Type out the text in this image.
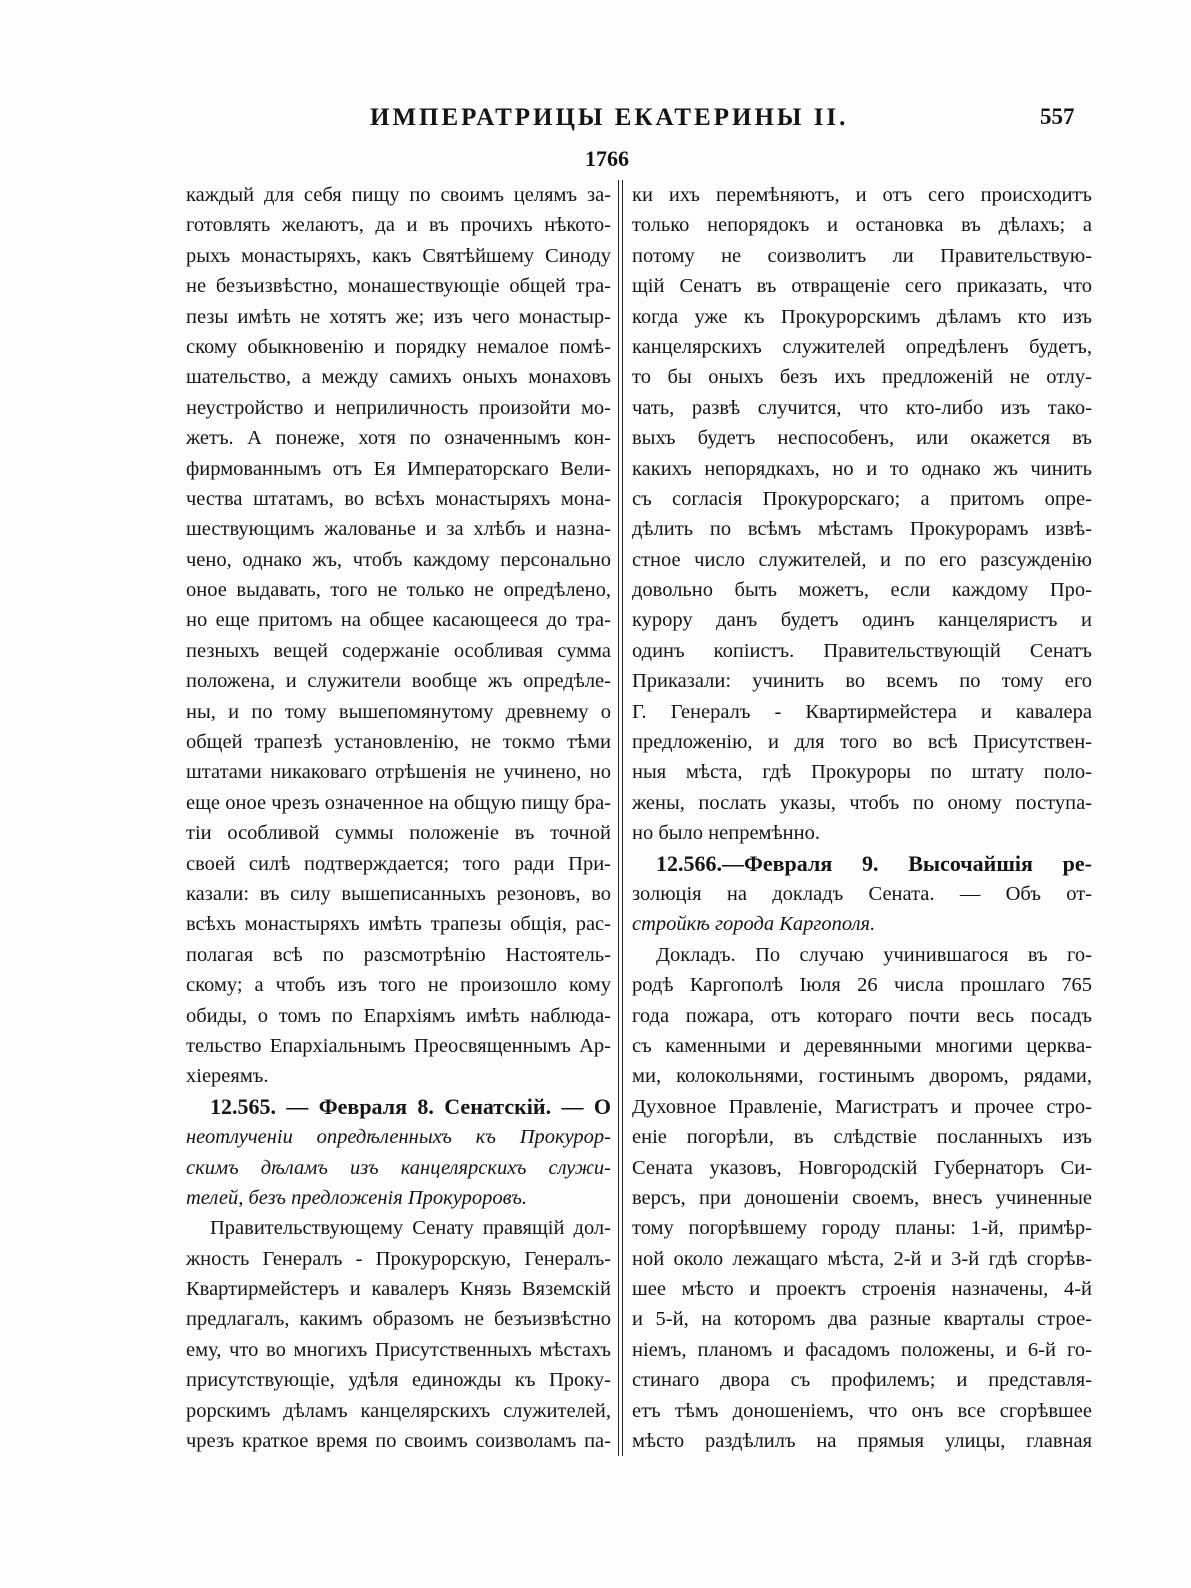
ИМПЕРАТРИЦЫ ЕКАТЕРИНЫ II.	557
1766
каждый для себя пищу по своимъ целямъ за-
готовлять желаютъ, да и въ прочихъ нѣкото-
рыхъ монастыряхъ, какъ Святѣйшему Синоду
не безъизвѣстно, монашествующіе общей тра-
пезы имѣть не хотятъ же; изъ чего монастыр-
скому обыкновенію и порядку немалое помѣ-
шательство, а между самихъ оныхъ монаховъ
неустройство и неприличность произойти мо-
жетъ. А понеже, хотя по означеннымъ кон-
фирмованнымъ отъ Ея Императорскаго Вели-
чества штатамъ, во всѣхъ монастыряхъ мона-
шествующимъ жалованье и за хлѣбъ и назна-
чено, однако жъ, чтобъ каждому персонально
оное выдавать, того не только не опредѣлено,
но еще притомъ на общее касающееся до тра-
пезныхъ вещей содержаніе особливая сумма
положена, и служители вообще жъ опредѣле-
ны, и по тому вышепомянутому древнему о
общей трапезѣ установленію, не токмо тѣми
штатами никаковаго отрѣшенія не учинено, но
еще оное чрезъ означенное на общую пищу бра-
тіи особливой суммы положеніе въ точной
своей силѣ подтверждается; того ради При-
казали: въ силу вышеписанныхъ резоновъ, во
всѣхъ монастыряхъ имѣть трапезы общія, рас-
полагая всѣ по разсмотрѣнію Настоятель-
скому; а чтобъ изъ того не произошло кому
обиды, о томъ по Епархіямъ имѣть наблюда-
тельство Епархіальнымъ Преосвященнымъ Ар-
хіереямъ.
12.565. — Февраля 8. Сенатскій. — О
неотлученіи опредѣленныхъ къ Прокурор-
скимъ дѣламъ изъ канцелярскихъ служи-
телей, безъ предложенія Прокуроровъ.
Правительствующему Сенату правящій дол-
жность Генералъ - Прокурорскую, Генералъ-
Квартирмейстеръ и кавалеръ Князь Вяземскій
предлагалъ, какимъ образомъ не безъизвѣстно
ему, что во многихъ Присутственныхъ мѣстахъ
присутствующіе, удѣля единожды къ Проку-
рорскимъ дѣламъ канцелярскихъ служителей,
чрезъ краткое время по своимъ соизволамъ па-
ки ихъ перемѣняютъ, и отъ сего происходитъ
только непорядокъ и остановка въ дѣлахъ; а
потому не соизволитъ ли Правительствую-
щій Сенатъ въ отвращеніе сего приказать, что
когда уже къ Прокурорскимъ дѣламъ кто изъ
канцелярскихъ служителей опредѣленъ будетъ,
то бы оныхъ безъ ихъ предложеній не отлу-
чать, развѣ случится, что кто-либо изъ тако-
выхъ будетъ неспособенъ, или окажется въ
какихъ непорядкахъ, но и то однако жъ чинить
съ согласія Прокурорскаго; а притомъ опре-
дѣлить по всѣмъ мѣстамъ Прокурорамъ извѣ-
стное число служителей, и по его разсужденію
довольно быть можетъ, если каждому Про-
курору данъ будетъ одинъ канцеляристъ и
одинъ копіистъ. Правительствующій Сенатъ
Приказали: учинить во всемъ по тому его
Г. Генералъ - Квартирмейстера и кавалера
предложенію, и для того во всѣ Присутствен-
ныя мѣста, гдѣ Прокуроры по штату поло-
жены, послать указы, чтобъ по оному поступа-
но было непремѣнно.
12.566.—Февраля 9. Высочайшія ре-
золюція на докладъ Сената. — Объ от-
стройкѣ города Каргополя.
Докладъ. По случаю учинившагося въ го-
родѣ Каргополѣ Іюля 26 числа прошлаго 765
года пожара, отъ котораго почти весь посадъ
съ каменными и деревянными многими церква-
ми, колокольнями, гостинымъ дворомъ, рядами,
Духовное Правленіе, Магистратъ и прочее стро-
еніе погорѣли, въ слѣдствіе посланныхъ изъ
Сената указовъ, Новгородскій Губернаторъ Си-
версъ, при доношеніи своемъ, внесъ учиненные
тому погорѣвшему городу планы: 1-й, примѣр-
ной около лежащаго мѣста, 2-й и 3-й гдѣ сгорѣв-
шее мѣсто и проектъ строенія назначены, 4-й
и 5-й, на которомъ два разные кварталы строе-
ніемъ, планомъ и фасадомъ положены, и 6-й го-
стинаго двора съ профилемъ; и представля-
етъ тѣмъ доношеніемъ, что онъ все сгорѣвшее
мѣсто раздѣлилъ на прямыя улицы, главная
